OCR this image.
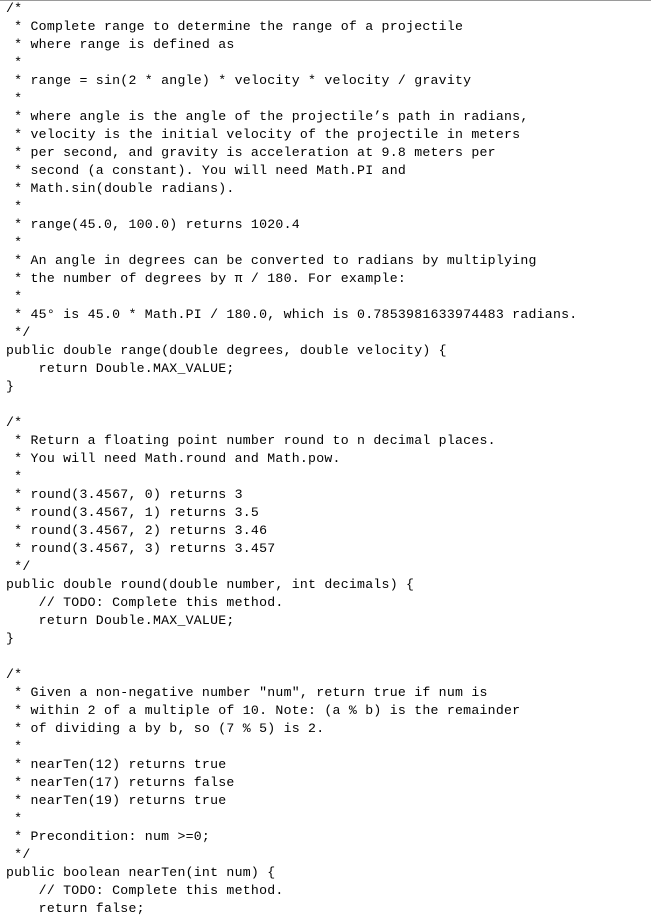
/*
* Complete range to determine the range of a projectile
* where range is defined as
*
* range = sin(2 * angle) * velocity * velocity / gravity
*
* where angle is the angle of the projectile’s path in radians,
* velocity is the initial velocity of the projectile in meters
* per second, and gravity is acceleration at 9.8 meters per
* second (a constant). You will need Math.PI and
* Math.sin(double radians).
*
* range(45.0, 100.0) returns 1020.4
*
* An angle in degrees can be converted to radians by multiplying
* the number of degrees by π / 180. For example:
*
* 45° is 45.0 * Math.PI / 180.0, which is 0.7853981633974483 radians.
*/
public double range(double degrees, double velocity) {
return Double.MAX_VALUE;
}
/*
* Return a floating point number round to n decimal places.
* You will need Math.round and Math.pow.
*
* round(3.4567, 0) returns 3
* round(3.4567, 1) returns 3.5
* round(3.4567, 2) returns 3.46
* round(3.4567, 3) returns 3.457
*/
public double round(double number, int decimals) {
// TODO: Complete this method.
return Double.MAX_VALUE;
}
/*
* Given a non-negative number "num", return true if num is
* within 2 of a multiple of 10. Note: (a % b) is the remainder
* of dividing a by b, so (7 % 5) is 2.
*
* nearTen(12) returns true
* nearTen(17) returns false
* nearTen(19) returns true
*
* Precondition: num >=0;
*/
public boolean nearTen(int num) {
// TODO: Complete this method.
return false;
